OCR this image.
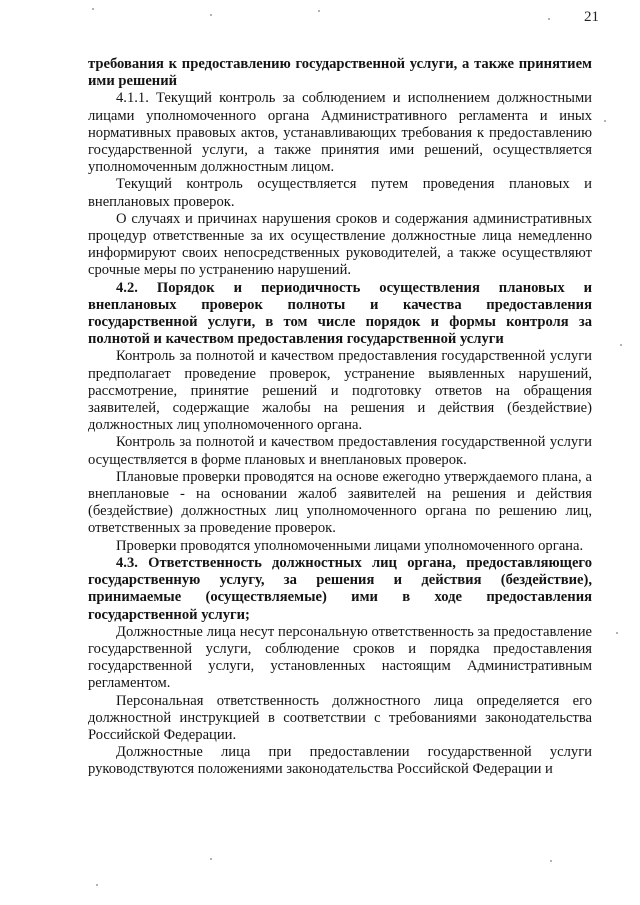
21

требования к предоставлению государственной услуги, а также принятием ими решений

4.1.1. Текущий контроль за соблюдением и исполнением должностными лицами уполномоченного органа Административного регламента и иных нормативных правовых актов, устанавливающих требования к предоставлению государственной услуги, а также принятия ими решений, осуществляется уполномоченным должностным лицом.

Текущий контроль осуществляется путем проведения плановых и внеплановых проверок.

О случаях и причинах нарушения сроков и содержания административных процедур ответственные за их осуществление должностные лица немедленно информируют своих непосредственных руководителей, а также осуществляют срочные меры по устранению нарушений.

4.2. Порядок и периодичность осуществления плановых и внеплановых проверок полноты и качества предоставления государственной услуги, в том числе порядок и формы контроля за полнотой и качеством предоставления государственной услуги

Контроль за полнотой и качеством предоставления государственной услуги предполагает проведение проверок, устранение выявленных нарушений, рассмотрение, принятие решений и подготовку ответов на обращения заявителей, содержащие жалобы на решения и действия (бездействие) должностных лиц уполномоченного органа.

Контроль за полнотой и качеством предоставления государственной услуги осуществляется в форме плановых и внеплановых проверок.

Плановые проверки проводятся на основе ежегодно утверждаемого плана, а внеплановые - на основании жалоб заявителей на решения и действия (бездействие) должностных лиц уполномоченного органа по решению лиц, ответственных за проведение проверок.

Проверки проводятся уполномоченными лицами уполномоченного органа.

4.3. Ответственность должностных лиц органа, предоставляющего государственную услугу, за решения и действия (бездействие), принимаемые (осуществляемые) ими в ходе предоставления государственной услуги;

Должностные лица несут персональную ответственность за предоставление государственной услуги, соблюдение сроков и порядка предоставления государственной услуги, установленных настоящим Административным регламентом.

Персональная ответственность должностного лица определяется его должностной инструкцией в соответствии с требованиями законодательства Российской Федерации.

Должностные лица при предоставлении государственной услуги руководствуются положениями законодательства Российской Федерации и
